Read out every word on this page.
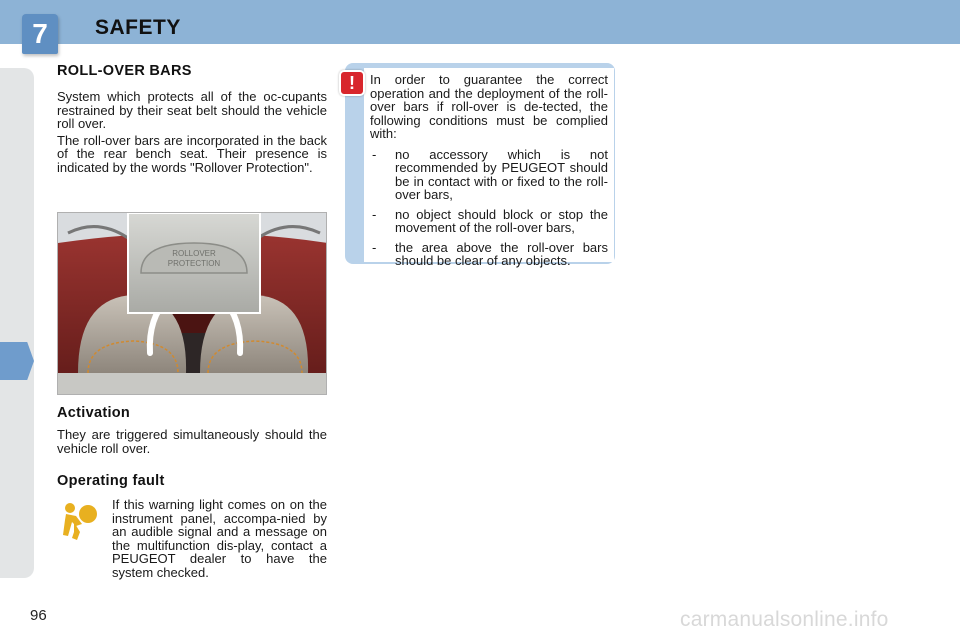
7	SAFETY
ROLL-OVER BARS

System which protects all of the oc-cupants restrained by their seat belt should the vehicle roll over.

The roll-over bars are incorporated in the back of the rear bench seat. Their presence is indicated by the words "Rollover Protection".

ROLLOVER
PROTECTION
Activation

They are triggered simultaneously should the vehicle roll over.

Operating fault

If this warning light comes on on the instrument panel, accompa-nied by an audible signal and a message on the multifunction dis-play, contact a PEUGEOT dealer to have the system checked.

In order to guarantee the correct operation and the deployment of the roll-over bars if roll-over is de-tected, the following conditions must be complied with:

- no accessory which is not recommended by PEUGEOT should be in contact with or fixed to the roll-over bars,
- no object should block or stop the movement of the roll-over bars,
- the area above the roll-over bars should be clear of any objects.
!
96	carmanualsonline.info
